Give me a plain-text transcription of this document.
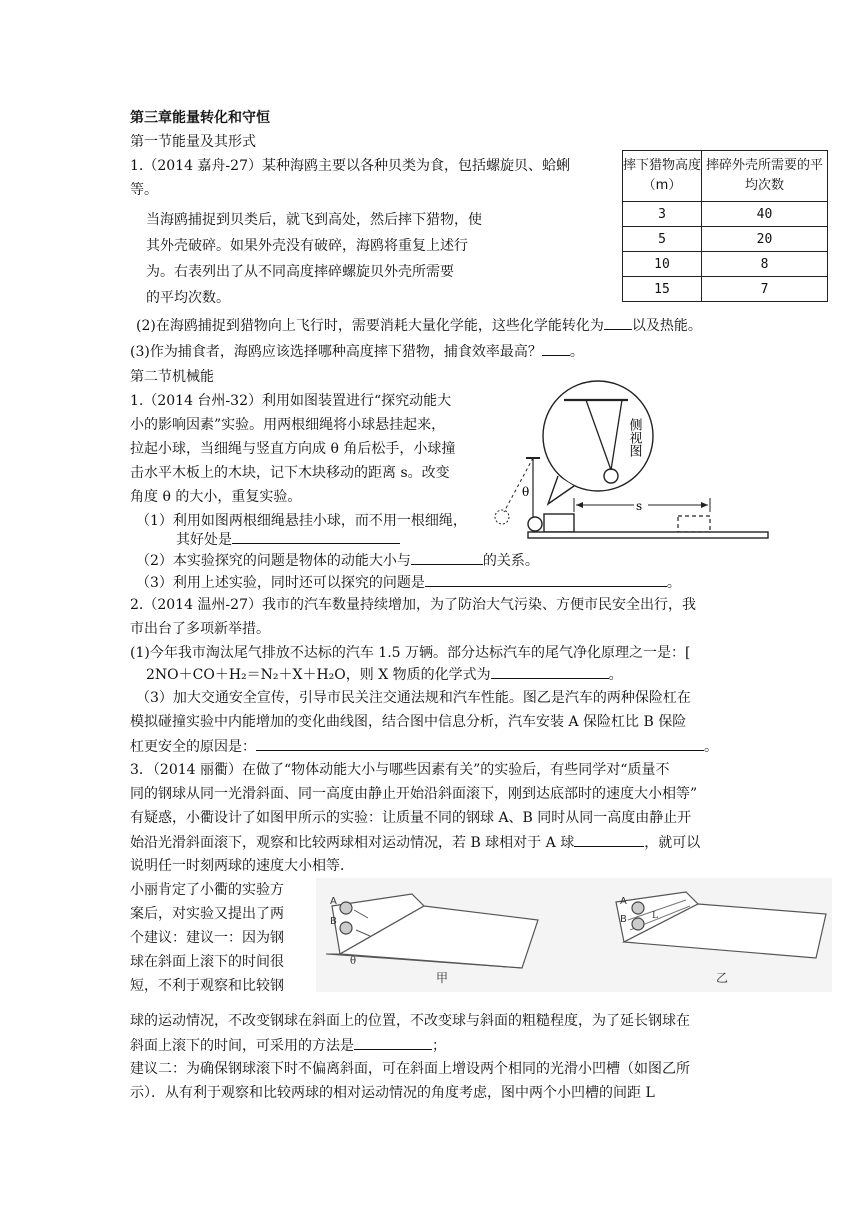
第三章能量转化和守恒
第一节能量及其形式
1.（2014 嘉舟-27）某种海鸥主要以各种贝类为食，包括螺旋贝、蛤蜊
等。
当海鸥捕捉到贝类后，就飞到高处，然后摔下猎物，使
其外壳破碎。如果外壳没有破碎，海鸥将重复上述行
为。右表列出了从不同高度摔碎螺旋贝外壳所需要
的平均次数。
(2)在海鸥捕捉到猎物向上飞行时，需要消耗大量化学能，这些化学能转化为 以及热能。
(3)作为捕食者，海鸥应该选择哪种高度摔下猎物，捕食效率最高？ 。
摔下猎物高度（m）	摔碎外壳所需要的平均次数
3	40
5	20
10	8
15	7
第二节机械能
1.（2014 台州-32）利用如图装置进行“探究动能大
小的影响因素”实验。用两根细绳将小球悬挂起来，
拉起小球，当细绳与竖直方向成 θ 角后松手，小球撞
击水平木板上的木块，记下木块移动的距离 s。改变
角度 θ 的大小，重复实验。
（1）利用如图两根细绳悬挂小球，而不用一根细绳，
其好处是
（2）本实验探究的问题是物体的动能大小与	的关系。
（3）利用上述实验，同时还可以探究的问题是	。
侧视图
θ
s
2.（2014 温州-27）我市的汽车数量持续增加，为了防治大气污染、方便市民安全出行，我
市出台了多项新举措。
(1)今年我市淘汰尾气排放不达标的汽车 1.5 万辆。部分达标汽车的尾气净化原理之一是：[
2NO＋CO＋H₂＝N₂＋X＋H₂O，则 X 物质的化学式为	。
（3）加大交通安全宣传，引导市民关注交通法规和汽车性能。图乙是汽车的两种保险杠在
模拟碰撞实验中内能增加的变化曲线图，结合图中信息分析，汽车安装 A 保险杠比 B 保险
杠更安全的原因是：	。
3．（2014 丽衢）在做了“物体动能大小与哪些因素有关”的实验后，有些同学对“质量不
同的钢球从同一光滑斜面、同一高度由静止开始沿斜面滚下，刚到达底部时的速度大小相等”
有疑惑，小衢设计了如图甲所示的实验：让质量不同的钢球 A、B 同时从同一高度由静止开
始沿光滑斜面滚下，观察和比较两球相对运动情况，若 B 球相对于 A 球	，就可以
说明任一时刻两球的速度大小相等．
小丽肯定了小衢的实验方
案后，对实验又提出了两
个建议：建议一：因为钢
球在斜面上滚下的时间很
短，不利于观察和比较钢
球的运动情况，不改变钢球在斜面上的位置，不改变球与斜面的粗糙程度，为了延长钢球在
斜面上滚下的时间，可采用的方法是	；
建议二：为确保钢球滚下时不偏离斜面，可在斜面上增设两个相同的光滑小凹槽（如图乙所
示）．从有利于观察和比较两球的相对运动情况的角度考虑，图中两个小凹槽的间距 L
A
B
θ
甲
A
B	L
乙
